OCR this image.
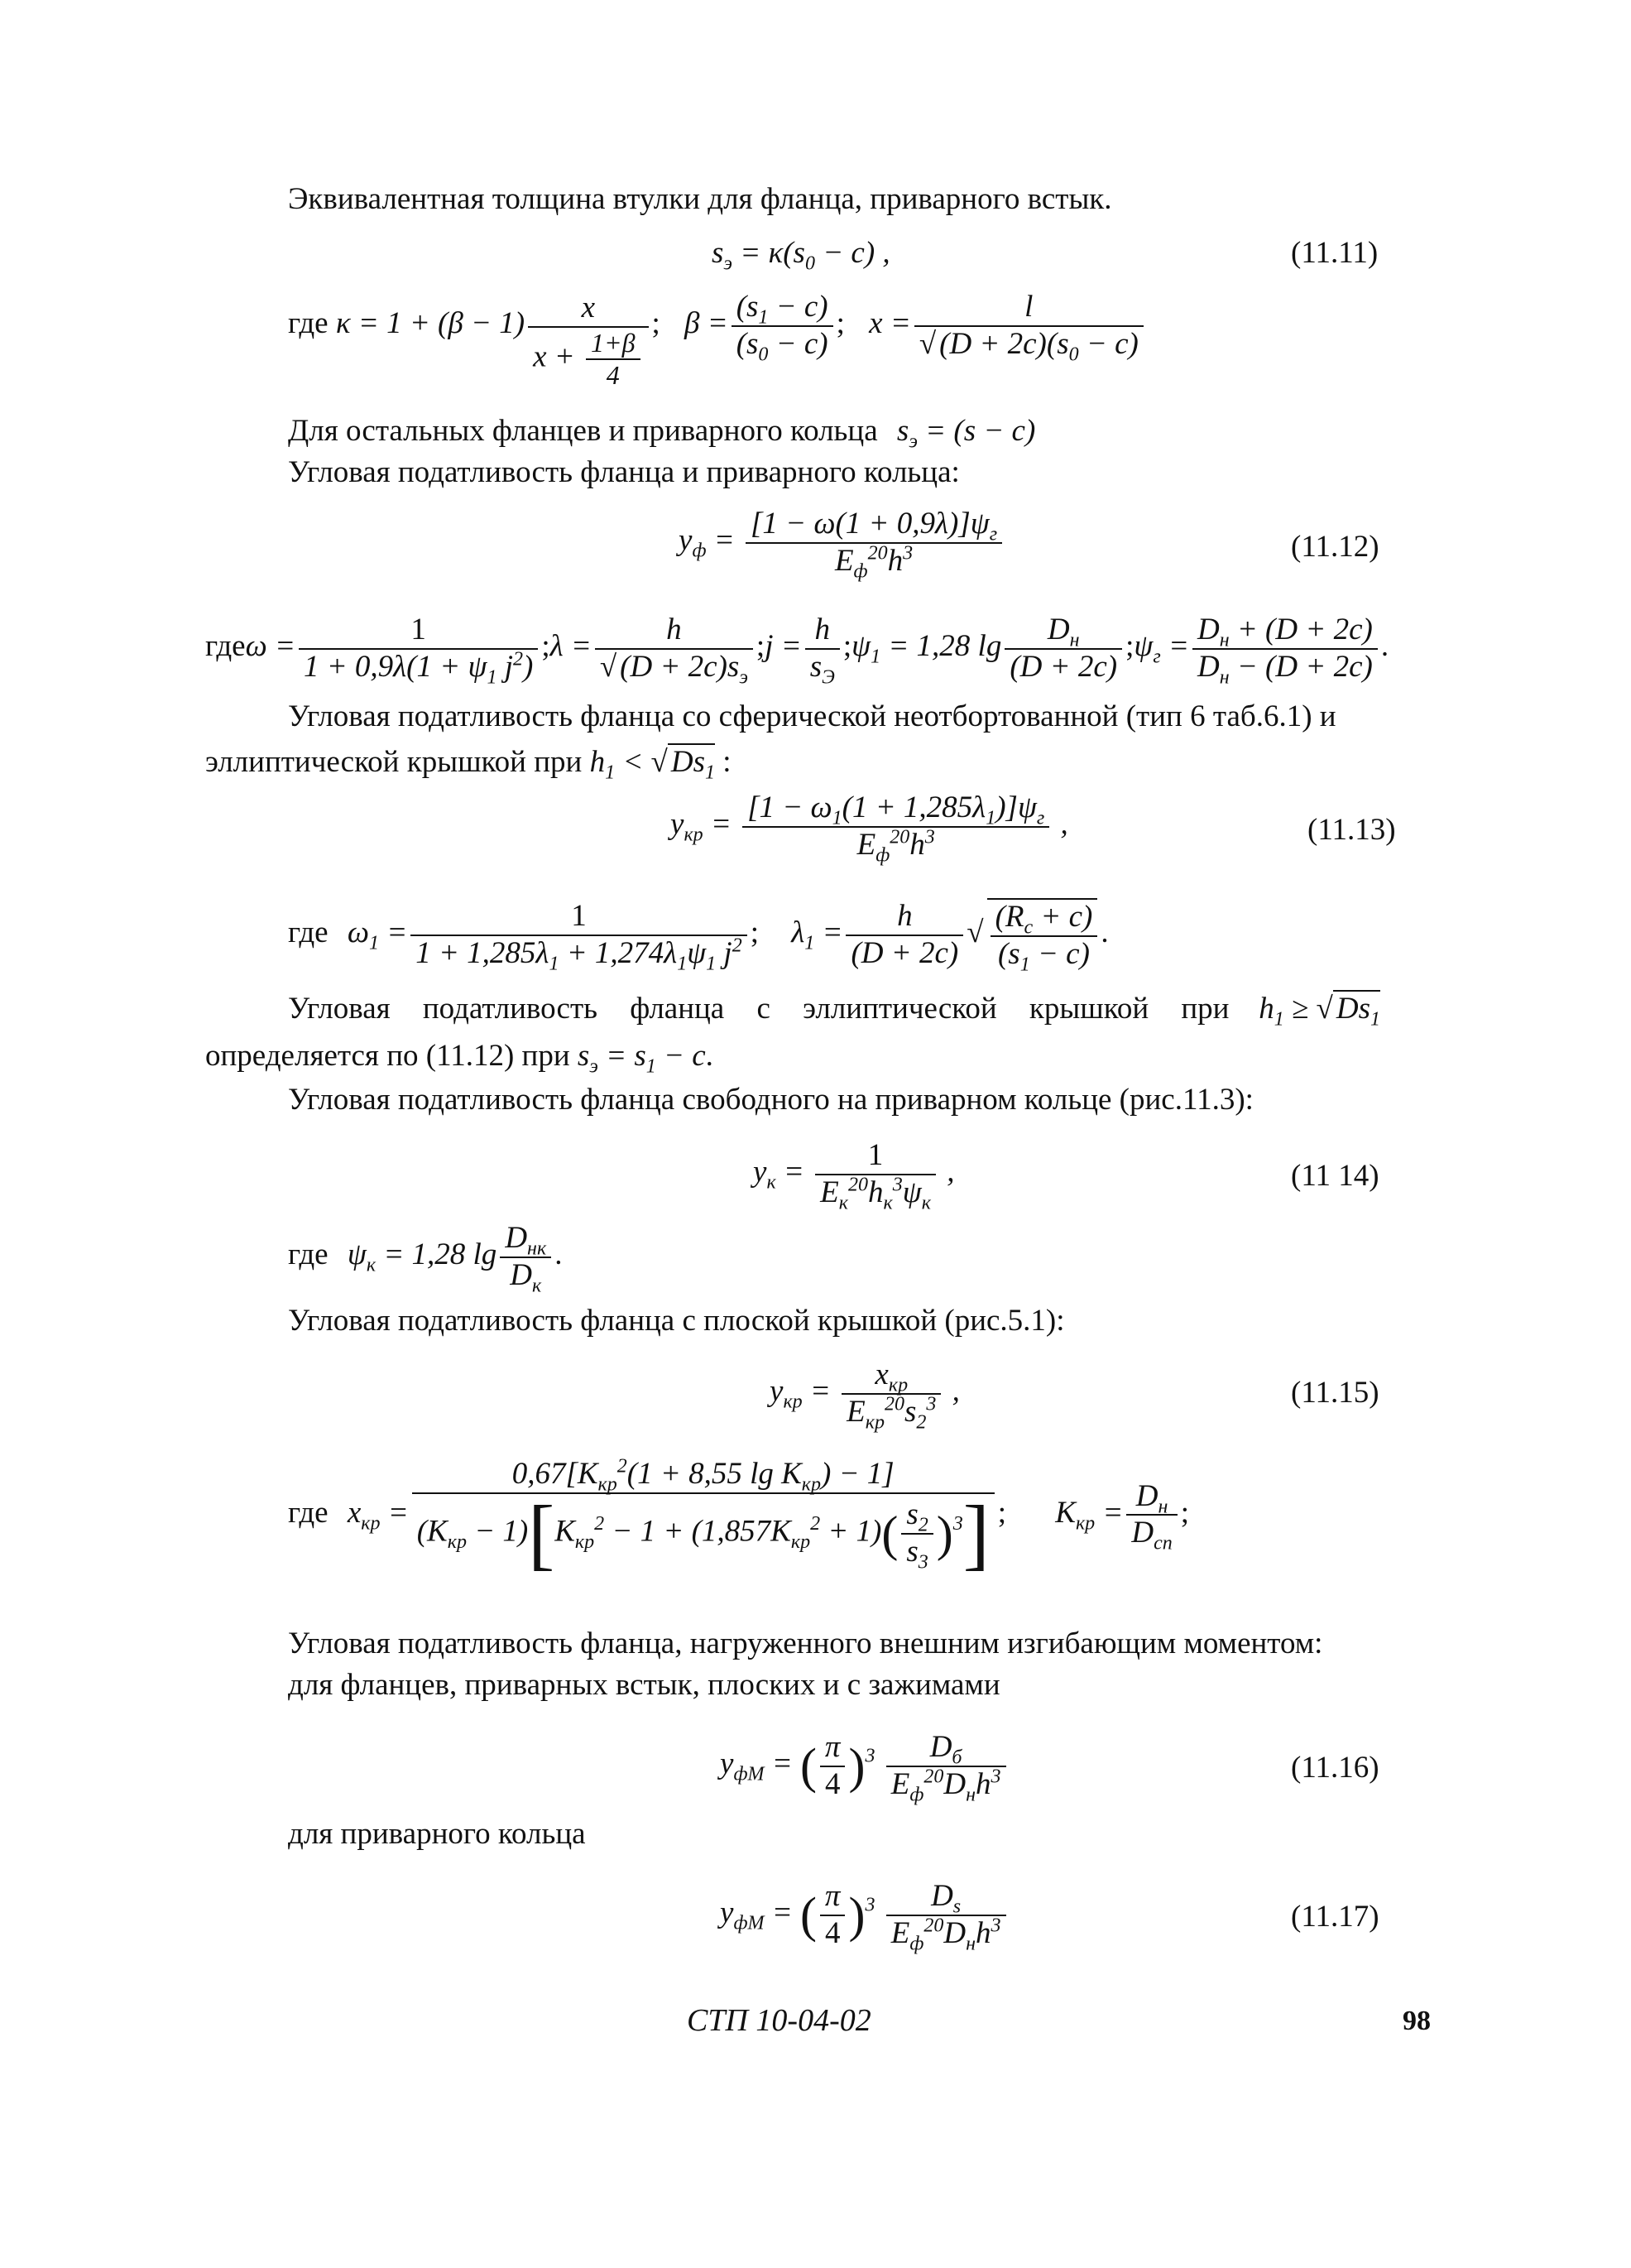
Эквивалентная толщина втулки для фланца, приварного встык.
$s_э = \kappa(s_0 - c)$ ,	(11.11)
где $\kappa = 1 + (\beta - 1) \frac{x}{x + \frac{1+\beta}{4}}$ ; $\beta = \frac{(s_1 - c)}{(s_0 - c)}$ ; $x = \frac{l}{√ (D + 2c)(s_0 - c)}$
Для остальных фланцев и приварного кольца $s_э = (s - c)$
Угловая податливость фланца и приварного кольца:
$y_ф = [1 - \omega(1 + 0,9\lambda)]\psi_г$
$E_ф^{20}h^3$	(11.12)
$где\omega = \frac{1}{1 + 0,9\lambda(1 + \psi_1 j^2)}$ ;λ =	h
√ $(D + 2c)s_э$
;j = h
$s_Э$
$;\psi_1 = 1,28$ lg	$D_н$
(D + 2c)
$;\psi_г = D_н + (D + 2c)$
$D_н - (D + 2c)$
.
Угловая податливость фланца со сферической неотбортованной (тип 6 таб.6.1) и
эллиптической крышкой при $h_1$ < √ $Ds_1$ :
$y_{кр} = [1 - \omega_1(1 + 1,285\lambda_1)]\psi_г$
$E_ф^{20}h^3$	,	(11.13)
где $\omega_1 = \frac{1}{1 + 1,285\lambda_1 + 1,274\lambda_1\psi_1 j^2}$ ; $\lambda_1 = \frac{h}{(D + 2c)}$ √ $\frac{(R_c + c)}{(s_1 - c)}$ .
Угловая податливость фланца с эллиптической крышкой при $h_1$ ≥ √ $Ds_1$
определяется по (11.12) при $s_э = s_1 - c$.
Угловая податливость фланца свободного на приварном кольце (рис.11.3):
$y_к$ =	1
$E_к^{20}h_к^3\psi_к$
,	(11 14)
где $\psi_к = 1,28$ $\lg D_{нк}$
$D_к$
.
Угловая податливость фланца с плоской крышкой (рис.5.1):
$y_{кр}$ =	$x_{кр}$
$E_{кр}^{20}s_2^3$ ,	(11.15)
где $x_{кр}$ =
$0,67[K_{кр}^2(1 + 8,55$ $\lg K_{кр}) - 1$]
$(K_{кр} - 1)[K_{кр}^2 - 1 + (1,857K_{кр}^2 + 1)( \frac{s_2}{s_3} )^3]$ ; $K_{кр} = D_н$
$D_{сп}$
;
Угловая податливость фланца, нагруженного внешним изгибающим моментом:
для фланцев, приварных встык, плоских и с зажимами
$y_{фМ}$ = ( $\frac{\pi}{4} )^3$	$D_б$
$E_ф^{20}D_нh^3$	(11.16)
для приварного кольца
$y_{фМ}$ = ( $\frac{\pi}{4} )^3$	$D_s$
$E_ф^{20}D_нh^3$	(11.17)
СТП 10-04-02	98
